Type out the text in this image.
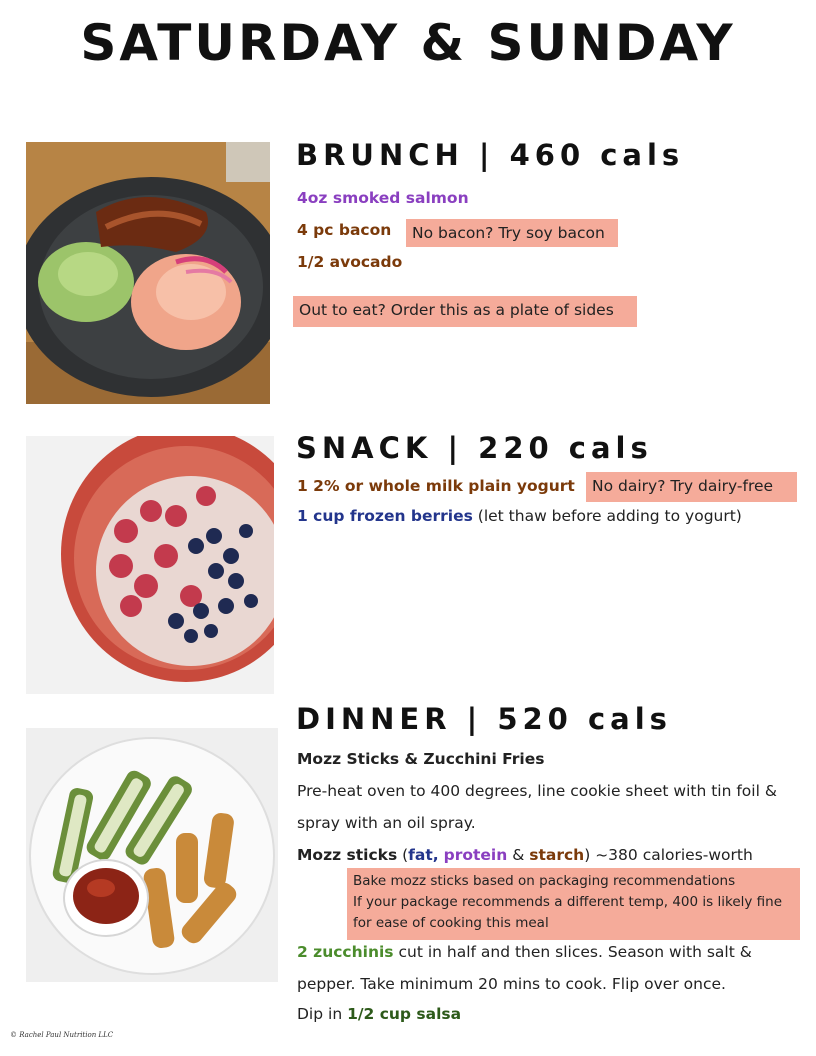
SATURDAY & SUNDAY
BRUNCH | 460 cals
4oz smoked salmon
4 pc bacon	No bacon? Try soy bacon
1/2 avocado
Out to eat? Order this as a plate of sides
SNACK | 220 cals
1 2% or whole milk plain yogurt	No dairy? Try dairy-free
1 cup frozen berries (let thaw before adding to yogurt)
DINNER | 520 cals
Mozz Sticks & Zucchini Fries
Pre-heat oven to 400 degrees, line cookie sheet with tin foil & spray with an oil spray.
Mozz sticks (fat, protein & starch) ~380 calories-worth
Bake mozz sticks based on packaging recommendations
If your package recommends a different temp, 400 is likely fine for ease of cooking this meal
2 zucchinis cut in half and then slices. Season with salt & pepper. Take minimum 20 mins to cook. Flip over once.
Dip in 1/2 cup salsa
© Rachel Paul Nutrition LLC
